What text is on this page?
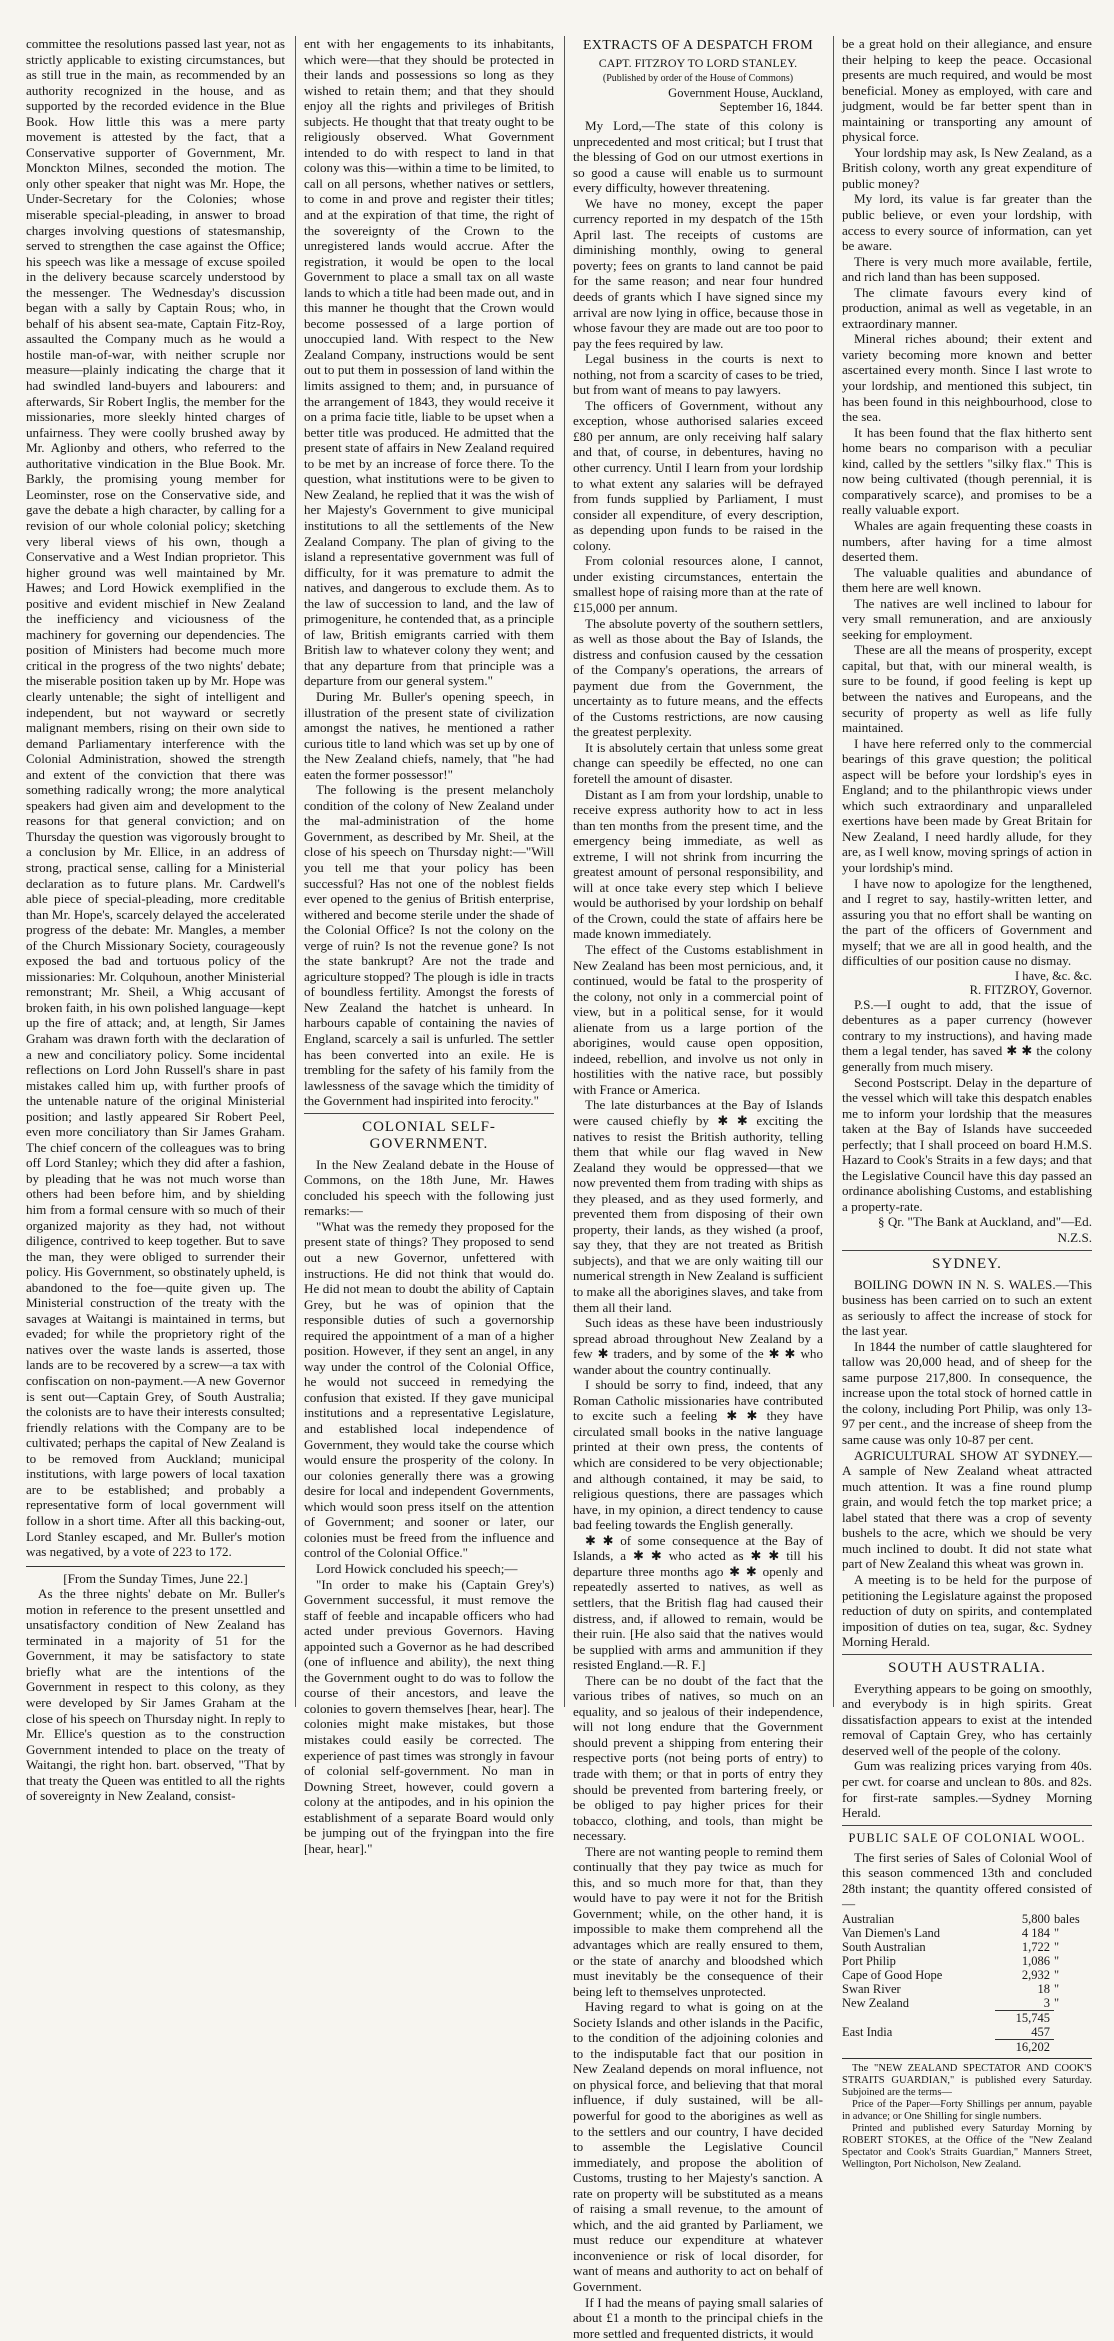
committee the resolutions passed last year, not as strictly applicable to existing circumstances, but as still true in the main, as recommended by an authority recognized in the house, and as supported by the recorded evidence in the Blue Book. How little this was a mere party movement is attested by the fact, that a Conservative supporter of Government, Mr. Monckton Milnes, seconded the motion. The only other speaker that night was Mr. Hope, the Under-Secretary for the Colonies; whose miserable special-pleading, in answer to broad charges involving questions of statesmanship, served to strengthen the case against the Office; his speech was like a message of excuse spoiled in the delivery because scarcely understood by the messenger. The Wednesday's discussion began with a sally by Captain Rous; who, in behalf of his absent sea-mate, Captain Fitz-Roy, assaulted the Company much as he would a hostile man-of-war, with neither scruple nor measure—plainly indicating the charge that it had swindled land-buyers and labourers: and afterwards, Sir Robert Inglis, the member for the missionaries, more sleekly hinted charges of unfairness. They were coolly brushed away by Mr. Aglionby and others, who referred to the authoritative vindication in the Blue Book. Mr. Barkly, the promising young member for Leominster, rose on the Conservative side, and gave the debate a high character, by calling for a revision of our whole colonial policy; sketching very liberal views of his own, though a Conservative and a West Indian proprietor. This higher ground was well maintained by Mr. Hawes; and Lord Howick exemplified in the positive and evident mischief in New Zealand the inefficiency and viciousness of the machinery for governing our dependencies. The position of Ministers had become much more critical in the progress of the two nights' debate; the miserable position taken up by Mr. Hope was clearly untenable; the sight of intelligent and independent, but not wayward or secretly malignant members, rising on their own side to demand Parliamentary interference with the Colonial Administration, showed the strength and extent of the conviction that there was something radically wrong; the more analytical speakers had given aim and development to the reasons for that general conviction; and on Thursday the question was vigorously brought to a conclusion by Mr. Ellice, in an address of strong, practical sense, calling for a Ministerial declaration as to future plans. Mr. Cardwell's able piece of special-pleading, more creditable than Mr. Hope's, scarcely delayed the accelerated progress of the debate: Mr. Mangles, a member of the Church Missionary Society, courageously exposed the bad and tortuous policy of the missionaries: Mr. Colquhoun, another Ministerial remonstrant; Mr. Sheil, a Whig accusant of broken faith, in his own polished language—kept up the fire of attack; and, at length, Sir James Graham was drawn forth with the declaration of a new and conciliatory policy. Some incidental reflections on Lord John Russell's share in past mistakes called him up, with further proofs of the untenable nature of the original Ministerial position; and lastly appeared Sir Robert Peel, even more conciliatory than Sir James Graham. The chief concern of the colleagues was to bring off Lord Stanley; which they did after a fashion, by pleading that he was not much worse than others had been before him, and by shielding him from a formal censure with so much of their organized majority as they had, not without diligence, contrived to keep together. But to save the man, they were obliged to surrender their policy. His Government, so obstinately upheld, is abandoned to the foe—quite given up. The Ministerial construction of the treaty with the savages at Waitangi is maintained in terms, but evaded; for while the proprietory right of the natives over the waste lands is asserted, those lands are to be recovered by a screw—a tax with confiscation on non-payment.—A new Governor is sent out—Captain Grey, of South Australia; the colonists are to have their interests consulted; friendly relations with the Company are to be cultivated; perhaps the capital of New Zealand is to be removed from Auckland; municipal institutions, with large powers of local taxation are to be established; and probably a representative form of local government will follow in a short time. After all this backing-out, Lord Stanley escaped, and Mr. Buller's motion was negatived, by a vote of 223 to 172.

[From the Sunday Times, June 22.]

As the three nights' debate on Mr. Buller's motion in reference to the present unsettled and unsatisfactory condition of New Zealand has terminated in a majority of 51 for the Government, it may be satisfactory to state briefly what are the intentions of the Government in respect to this colony, as they were developed by Sir James Graham at the close of his speech on Thursday night. In reply to Mr. Ellice's question as to the construction Government intended to place on the treaty of Waitangi, the right hon. bart. observed, "That by that treaty the Queen was entitled to all the rights of sovereignty in New Zealand, consist-

ent with her engagements to its inhabitants, which were—that they should be protected in their lands and possessions so long as they wished to retain them; and that they should enjoy all the rights and privileges of British subjects. He thought that that treaty ought to be religiously observed. What Government intended to do with respect to land in that colony was this—within a time to be limited, to call on all persons, whether natives or settlers, to come in and prove and register their titles; and at the expiration of that time, the right of the sovereignty of the Crown to the unregistered lands would accrue. After the registration, it would be open to the local Government to place a small tax on all waste lands to which a title had been made out, and in this manner he thought that the Crown would become possessed of a large portion of unoccupied land. With respect to the New Zealand Company, instructions would be sent out to put them in possession of land within the limits assigned to them; and, in pursuance of the arrangement of 1843, they would receive it on a prima facie title, liable to be upset when a better title was produced. He admitted that the present state of affairs in New Zealand required to be met by an increase of force there. To the question, what institutions were to be given to New Zealand, he replied that it was the wish of her Majesty's Government to give municipal institutions to all the settlements of the New Zealand Company. The plan of giving to the island a representative government was full of difficulty, for it was premature to admit the natives, and dangerous to exclude them. As to the law of succession to land, and the law of primogeniture, he contended that, as a principle of law, British emigrants carried with them British law to whatever colony they went; and that any departure from that principle was a departure from our general system."

During Mr. Buller's opening speech, in illustration of the present state of civilization amongst the natives, he mentioned a rather curious title to land which was set up by one of the New Zealand chiefs, namely, that "he had eaten the former possessor!"

The following is the present melancholy condition of the colony of New Zealand under the mal-administration of the home Government, as described by Mr. Sheil, at the close of his speech on Thursday night:—"Will you tell me that your policy has been successful? Has not one of the noblest fields ever opened to the genius of British enterprise, withered and become sterile under the shade of the Colonial Office? Is not the colony on the verge of ruin? Is not the revenue gone? Is not the state bankrupt? Are not the trade and agriculture stopped? The plough is idle in tracts of boundless fertility. Amongst the forests of New Zealand the hatchet is unheard. In harbours capable of containing the navies of England, scarcely a sail is unfurled. The settler has been converted into an exile. He is trembling for the safety of his family from the lawlessness of the savage which the timidity of the Government had inspirited into ferocity."

COLONIAL SELF-GOVERNMENT.

In the New Zealand debate in the House of Commons, on the 18th June, Mr. Hawes concluded his speech with the following just remarks:—

"What was the remedy they proposed for the present state of things? They proposed to send out a new Governor, unfettered with instructions. He did not think that would do. He did not mean to doubt the ability of Captain Grey, but he was of opinion that the responsible duties of such a governorship required the appointment of a man of a higher position. However, if they sent an angel, in any way under the control of the Colonial Office, he would not succeed in remedying the confusion that existed. If they gave municipal institutions and a representative Legislature, and established local independence of Government, they would take the course which would ensure the prosperity of the colony. In our colonies generally there was a growing desire for local and independent Governments, which would soon press itself on the attention of Government; and sooner or later, our colonies must be freed from the influence and control of the Colonial Office."

Lord Howick concluded his speech;—

"In order to make his (Captain Grey's) Government successful, it must remove the staff of feeble and incapable officers who had acted under previous Governors. Having appointed such a Governor as he had described (one of influence and ability), the next thing the Government ought to do was to follow the course of their ancestors, and leave the colonies to govern themselves [hear, hear]. The colonies might make mistakes, but those mistakes could easily be corrected. The experience of past times was strongly in favour of colonial self-government. No man in Downing Street, however, could govern a colony at the antipodes, and in his opinion the establishment of a separate Board would only be jumping out of the fryingpan into the fire [hear, hear]."

EXTRACTS OF A DESPATCH FROM
CAPT. FITZROY TO LORD STANLEY.
(Published by order of the House of Commons)
Government House, Auckland,
September 16, 1844.

My Lord,—The state of this colony is unprecedented and most critical; but I trust that the blessing of God on our utmost exertions in so good a cause will enable us to surmount every difficulty, however threatening.

We have no money, except the paper currency reported in my despatch of the 15th April last. The receipts of customs are diminishing monthly, owing to general poverty; fees on grants to land cannot be paid for the same reason; and near four hundred deeds of grants which I have signed since my arrival are now lying in office, because those in whose favour they are made out are too poor to pay the fees required by law.

Legal business in the courts is next to nothing, not from a scarcity of cases to be tried, but from want of means to pay lawyers.

The officers of Government, without any exception, whose authorised salaries exceed £80 per annum, are only receiving half salary and that, of course, in debentures, having no other currency. Until I learn from your lordship to what extent any salaries will be defrayed from funds supplied by Parliament, I must consider all expenditure, of every description, as depending upon funds to be raised in the colony.

From colonial resources alone, I cannot, under existing circumstances, entertain the smallest hope of raising more than at the rate of £15,000 per annum.

The absolute poverty of the southern settlers, as well as those about the Bay of Islands, the distress and confusion caused by the cessation of the Company's operations, the arrears of payment due from the Government, the uncertainty as to future means, and the effects of the Customs restrictions, are now causing the greatest perplexity.

It is absolutely certain that unless some great change can speedily be effected, no one can foretell the amount of disaster.

Distant as I am from your lordship, unable to receive express authority how to act in less than ten months from the present time, and the emergency being immediate, as well as extreme, I will not shrink from incurring the greatest amount of personal responsibility, and will at once take every step which I believe would be authorised by your lordship on behalf of the Crown, could the state of affairs here be made known immediately.

The effect of the Customs establishment in New Zealand has been most pernicious, and, it continued, would be fatal to the prosperity of the colony, not only in a commercial point of view, but in a political sense, for it would alienate from us a large portion of the aborigines, would cause open opposition, indeed, rebellion, and involve us not only in hostilities with the native race, but possibly with France or America.

The late disturbances at the Bay of Islands were caused chiefly by ✱ ✱ exciting the natives to resist the British authority, telling them that while our flag waved in New Zealand they would be oppressed—that we now prevented them from trading with ships as they pleased, and as they used formerly, and prevented them from disposing of their own property, their lands, as they wished (a proof, say they, that they are not treated as British subjects), and that we are only waiting till our numerical strength in New Zealand is sufficient to make all the aborigines slaves, and take from them all their land.

Such ideas as these have been industriously spread abroad throughout New Zealand by a few ✱ traders, and by some of the ✱ ✱ who wander about the country continually.

I should be sorry to find, indeed, that any Roman Catholic missionaries have contributed to excite such a feeling ✱ ✱ they have circulated small books in the native language printed at their own press, the contents of which are considered to be very objectionable; and although contained, it may be said, to religious questions, there are passages which have, in my opinion, a direct tendency to cause bad feeling towards the English generally.

✱ ✱ of some consequence at the Bay of Islands, a ✱ ✱ who acted as ✱ ✱ till his departure three months ago ✱ ✱ openly and repeatedly asserted to natives, as well as settlers, that the British flag had caused their distress, and, if allowed to remain, would be their ruin. [He also said that the natives would be supplied with arms and ammunition if they resisted England.—R. F.]

There can be no doubt of the fact that the various tribes of natives, so much on an equality, and so jealous of their independence, will not long endure that the Government should prevent a shipping from entering their respective ports (not being ports of entry) to trade with them; or that in ports of entry they should be prevented from bartering freely, or be obliged to pay higher prices for their tobacco, clothing, and tools, than might be necessary.

There are not wanting people to remind them continually that they pay twice as much for this, and so much more for that, than they would have to pay were it not for the British Government; while, on the other hand, it is impossible to make them comprehend all the advantages which are really ensured to them, or the state of anarchy and bloodshed which must inevitably be the consequence of their being left to themselves unprotected.

Having regard to what is going on at the Society Islands and other islands in the Pacific, to the condition of the adjoining colonies and to the indisputable fact that our position in New Zealand depends on moral influence, not on physical force, and believing that that moral influence, if duly sustained, will be all-powerful for good to the aborigines as well as to the settlers and our country, I have decided to assemble the Legislative Council immediately, and propose the abolition of Customs, trusting to her Majesty's sanction. A rate on property will be substituted as a means of raising a small revenue, to the amount of which, and the aid granted by Parliament, we must reduce our expenditure at whatever inconvenience or risk of local disorder, for want of means and authority to act on behalf of Government.

If I had the means of paying small salaries of about £1 a month to the principal chiefs in the more settled and frequented districts, it would

be a great hold on their allegiance, and ensure their helping to keep the peace. Occasional presents are much required, and would be most beneficial. Money as employed, with care and judgment, would be far better spent than in maintaining or transporting any amount of physical force.

Your lordship may ask, Is New Zealand, as a British colony, worth any great expenditure of public money?

My lord, its value is far greater than the public believe, or even your lordship, with access to every source of information, can yet be aware.

There is very much more available, fertile, and rich land than has been supposed.

The climate favours every kind of production, animal as well as vegetable, in an extraordinary manner.

Mineral riches abound; their extent and variety becoming more known and better ascertained every month. Since I last wrote to your lordship, and mentioned this subject, tin has been found in this neighbourhood, close to the sea.

It has been found that the flax hitherto sent home bears no comparison with a peculiar kind, called by the settlers "silky flax." This is now being cultivated (though perennial, it is comparatively scarce), and promises to be a really valuable export.

Whales are again frequenting these coasts in numbers, after having for a time almost deserted them.

The valuable qualities and abundance of them here are well known.

The natives are well inclined to labour for very small remuneration, and are anxiously seeking for employment.

These are all the means of prosperity, except capital, but that, with our mineral wealth, is sure to be found, if good feeling is kept up between the natives and Europeans, and the security of property as well as life fully maintained.

I have here referred only to the commercial bearings of this grave question; the political aspect will be before your lordship's eyes in England; and to the philanthropic views under which such extraordinary and unparalleled exertions have been made by Great Britain for New Zealand, I need hardly allude, for they are, as I well know, moving springs of action in your lordship's mind.

I have now to apologize for the lengthened, and I regret to say, hastily-written letter, and assuring you that no effort shall be wanting on the part of the officers of Government and myself; that we are all in good health, and the difficulties of our position cause no dismay.

I have, &c. &c.
R. FITZROY, Governor.

P.S.—I ought to add, that the issue of debentures as a paper currency (however contrary to my instructions), and having made them a legal tender, has saved ✱ ✱ the colony generally from much misery.

Second Postscript. Delay in the departure of the vessel which will take this despatch enables me to inform your lordship that the measures taken at the Bay of Islands have succeeded perfectly; that I shall proceed on board H.M.S. Hazard to Cook's Straits in a few days; and that the Legislative Council have this day passed an ordinance abolishing Customs, and establishing a property-rate.

§ Qr. "The Bank at Auckland, and"—Ed. N.Z.S.

SYDNEY.

BOILING DOWN IN N. S. WALES.—This business has been carried on to such an extent as seriously to affect the increase of stock for the last year.

In 1844 the number of cattle slaughtered for tallow was 20,000 head, and of sheep for the same purpose 217,800. In consequence, the increase upon the total stock of horned cattle in the colony, including Port Philip, was only 13-97 per cent., and the increase of sheep from the same cause was only 10-87 per cent.

AGRICULTURAL SHOW AT SYDNEY.—A sample of New Zealand wheat attracted much attention. It was a fine round plump grain, and would fetch the top market price; a label stated that there was a crop of seventy bushels to the acre, which we should be very much inclined to doubt. It did not state what part of New Zealand this wheat was grown in.

A meeting is to be held for the purpose of petitioning the Legislature against the proposed reduction of duty on spirits, and contemplated imposition of duties on tea, sugar, &c. Sydney Morning Herald.

SOUTH AUSTRALIA.

Everything appears to be going on smoothly, and everybody is in high spirits. Great dissatisfaction appears to exist at the intended removal of Captain Grey, who has certainly deserved well of the people of the colony.

Gum was realizing prices varying from 40s. per cwt. for coarse and unclean to 80s. and 82s. for first-rate samples.—Sydney Morning Herald.

PUBLIC SALE OF COLONIAL WOOL.

The first series of Sales of Colonial Wool of this season commenced 13th and concluded 28th instant; the quantity offered consisted of—

Australian	5,800	bales
Van Diemen's Land	4 184	"
South Australian	1,722	"
Port Philip	1,086	"
Cape of Good Hope	2,932	"
Swan River	18	"
New Zealand	3	"
	15,745	
East India	457	
	16,202	

The "NEW ZEALAND SPECTATOR AND COOK'S STRAITS GUARDIAN," is published every Saturday. Subjoined are the terms—

Price of the Paper—Forty Shillings per annum, payable in advance; or One Shilling for single numbers.

Printed and published every Saturday Morning by ROBERT STOKES, at the Office of the "New Zealand Spectator and Cook's Straits Guardian," Manners Street, Wellington, Port Nicholson, New Zealand.
